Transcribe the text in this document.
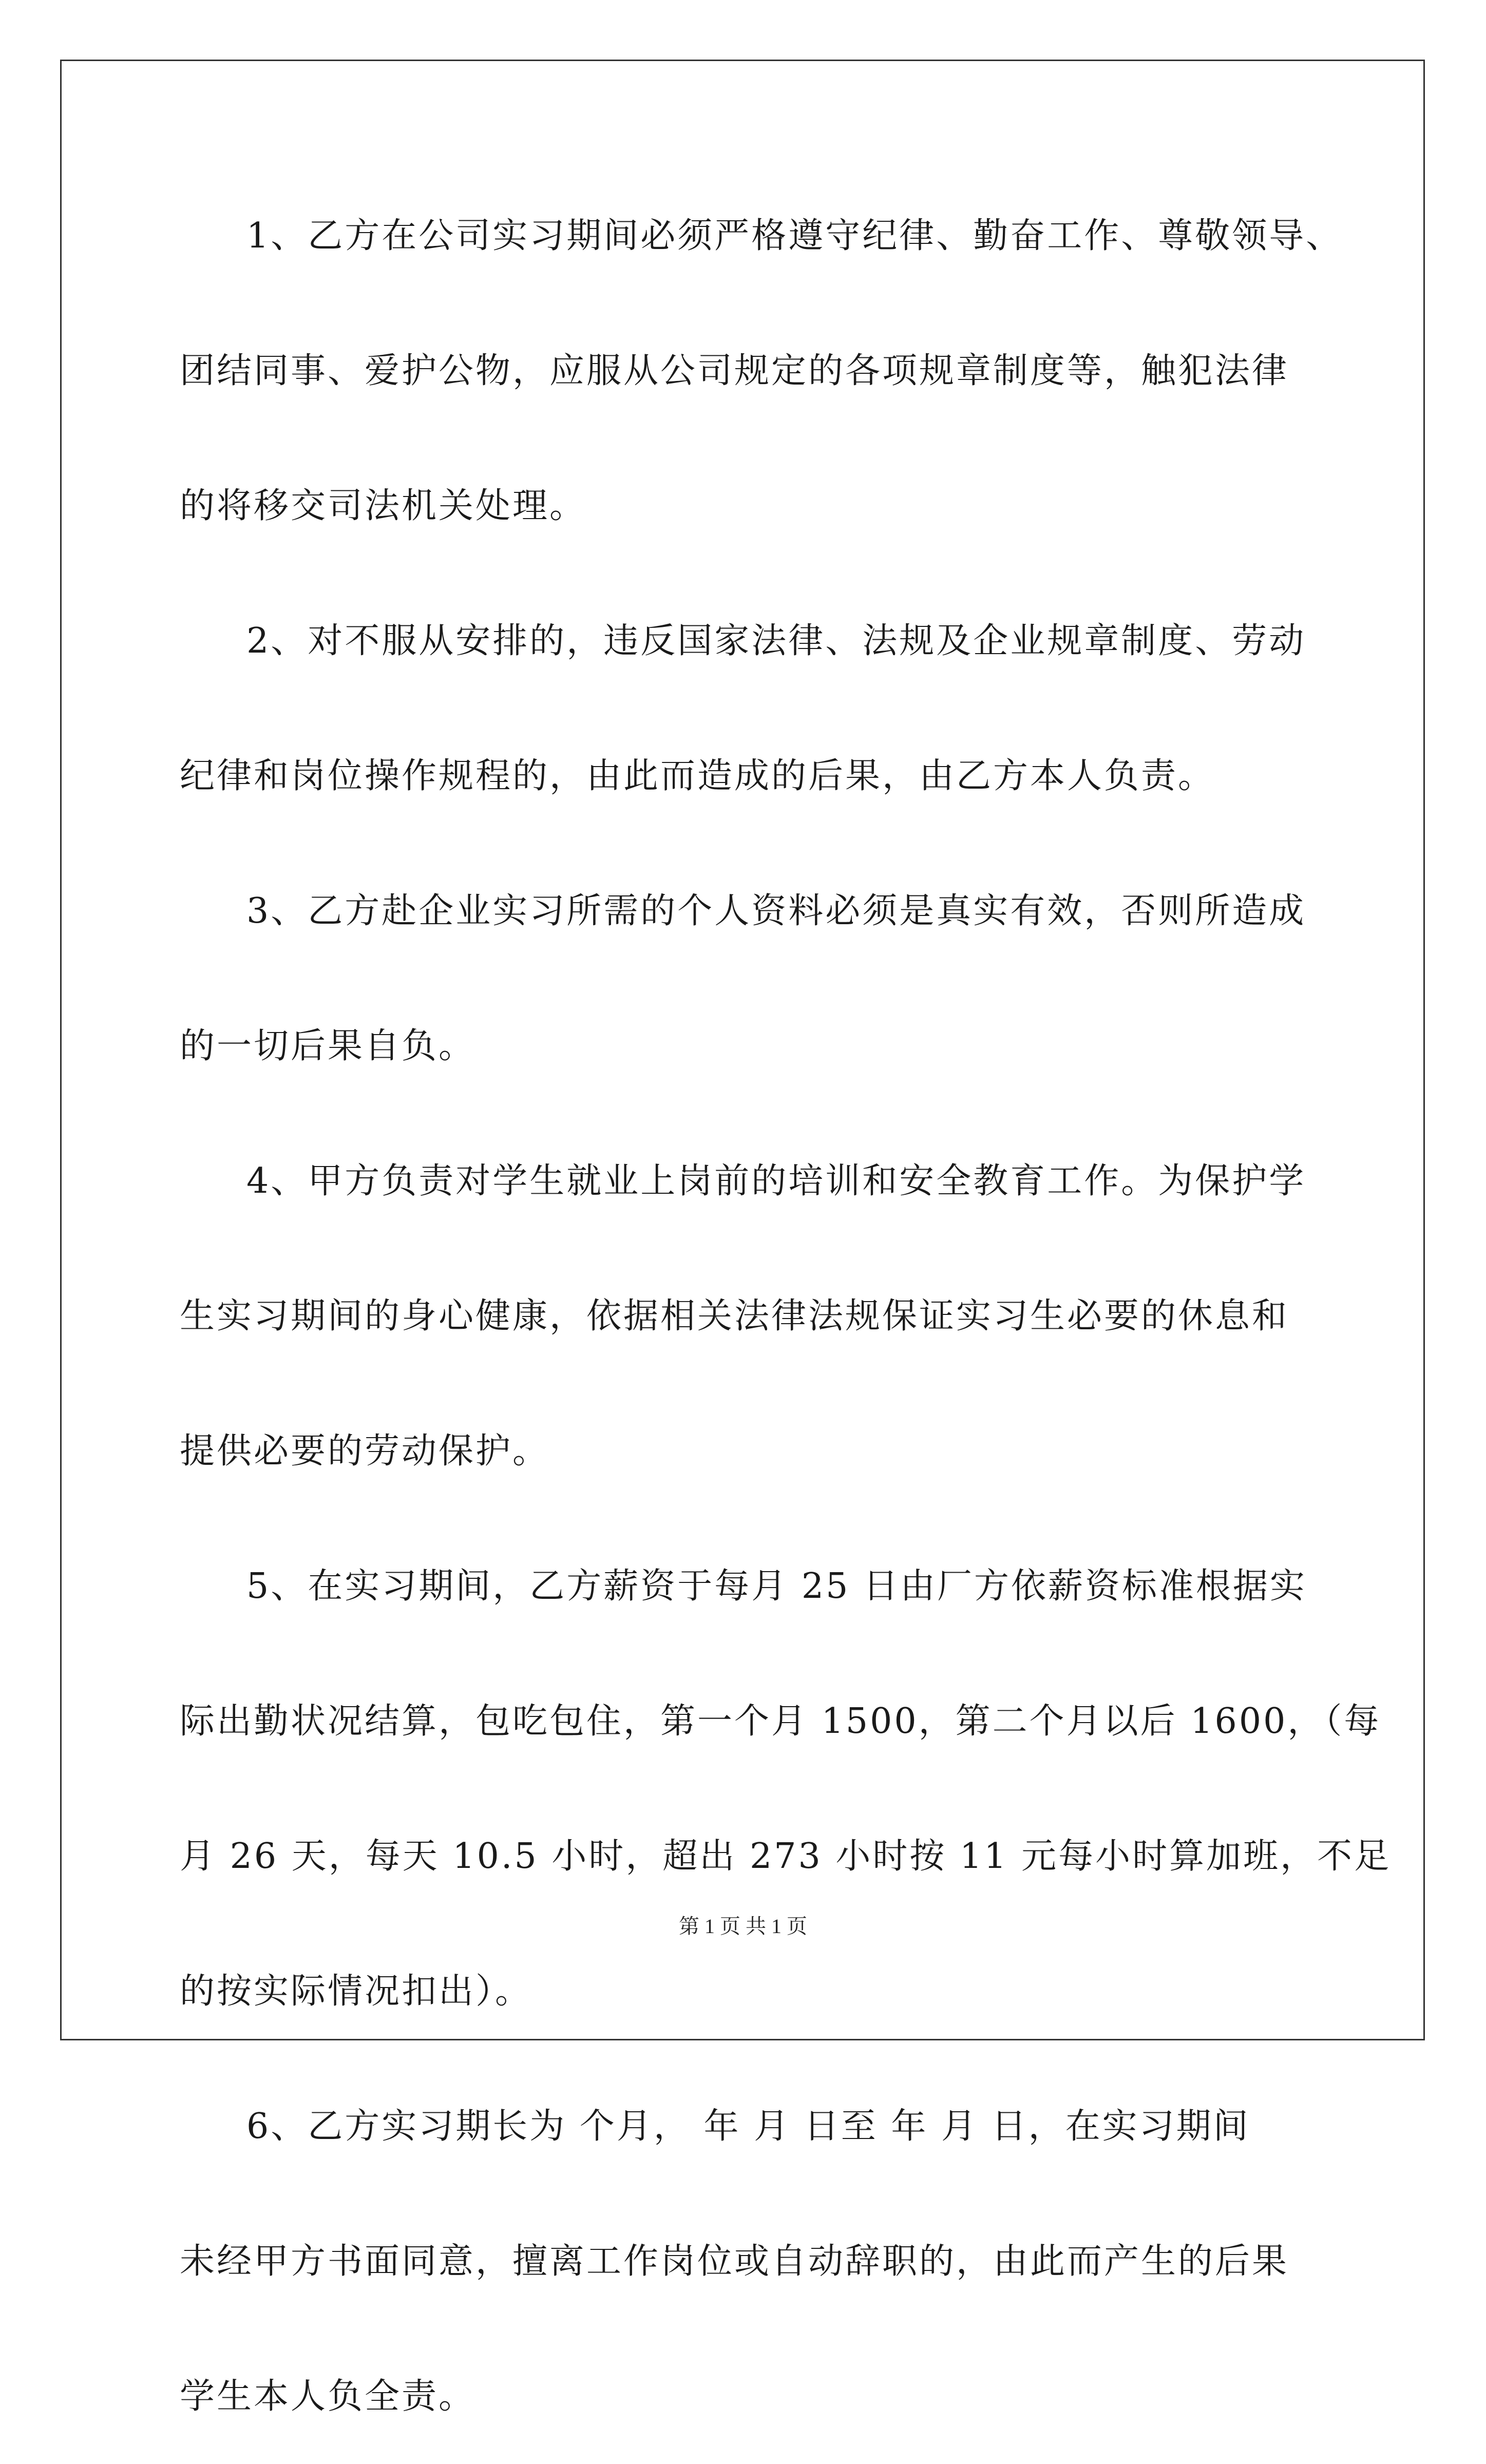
1、乙方在公司实习期间必须严格遵守纪律、勤奋工作、尊敬领导、
团结同事、爱护公物，应服从公司规定的各项规章制度等，触犯法律
的将移交司法机关处理。

2、对不服从安排的，违反国家法律、法规及企业规章制度、劳动
纪律和岗位操作规程的，由此而造成的后果，由乙方本人负责。

3、乙方赴企业实习所需的个人资料必须是真实有效，否则所造成
的一切后果自负。

4、甲方负责对学生就业上岗前的培训和安全教育工作。为保护学
生实习期间的身心健康，依据相关法律法规保证实习生必要的休息和
提供必要的劳动保护。

5、在实习期间，乙方薪资于每月 25 日由厂方依薪资标准根据实
际出勤状况结算，包吃包住，第一个月 1500，第二个月以后 1600，（每
月 26 天，每天 10.5 小时，超出 273 小时按 11 元每小时算加班，不足
的按实际情况扣出）。

6、乙方实习期长为 个月， 年 月 日至 年 月 日，在实习期间
未经甲方书面同意，擅离工作岗位或自动辞职的，由此而产生的后果
学生本人负全责。

第 1 页 共 1 页
